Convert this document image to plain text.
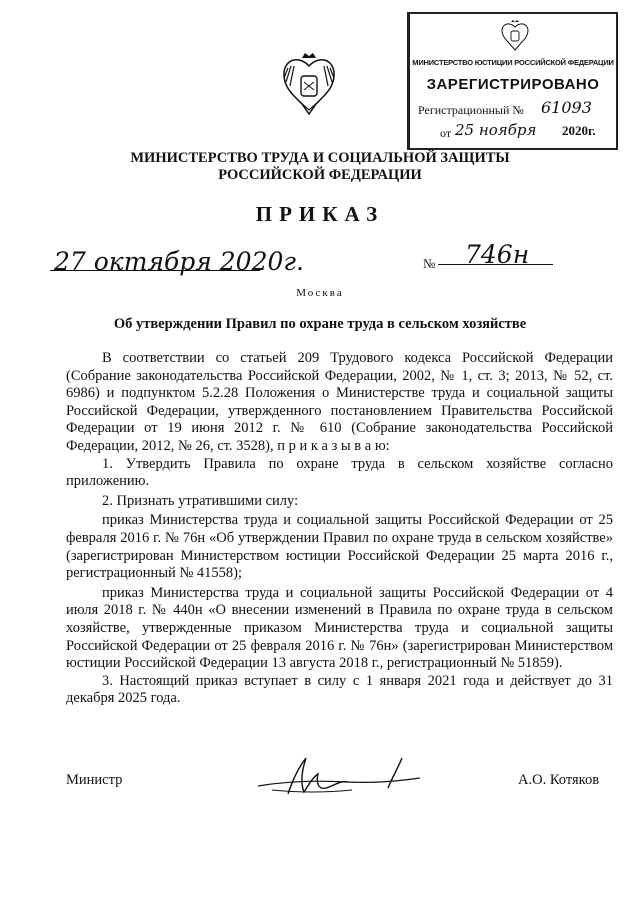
МИНИСТЕРСТВО ЮСТИЦИИ РОССИЙСКОЙ ФЕДЕРАЦИИ
ЗАРЕГИСТРИРОВАНО
Регистрационный № 61093
от 25 ноября 2020г.
МИНИСТЕРСТВО ТРУДА И СОЦИАЛЬНОЙ ЗАЩИТЫ
РОССИЙСКОЙ ФЕДЕРАЦИИ
ПРИКАЗ
27 октября 2020г.	№ 746н
Москва
Об утверждении Правил по охране труда в сельском хозяйстве

В соответствии со статьей 209 Трудового кодекса Российской Федерации (Собрание законодательства Российской Федерации, 2002, № 1, ст. 3; 2013, № 52, ст. 6986) и подпунктом 5.2.28 Положения о Министерстве труда и социальной защиты Российской Федерации, утвержденного постановлением Правительства Российской Федерации от 19 июня 2012 г. № 610 (Собрание законодательства Российской Федерации, 2012, № 26, ст. 3528), п р и к а з ы в а ю:

1. Утвердить Правила по охране труда в сельском хозяйстве согласно приложению.

2. Признать утратившими силу:

приказ Министерства труда и социальной защиты Российской Федерации от 25 февраля 2016 г. № 76н «Об утверждении Правил по охране труда в сельском хозяйстве» (зарегистрирован Министерством юстиции Российской Федерации 25 марта 2016 г., регистрационный № 41558);

приказ Министерства труда и социальной защиты Российской Федерации от 4 июля 2018 г. № 440н «О внесении изменений в Правила по охране труда в сельском хозяйстве, утвержденные приказом Министерства труда и социальной защиты Российской Федерации от 25 февраля 2016 г. № 76н» (зарегистрирован Министерством юстиции Российской Федерации 13 августа 2018 г., регистрационный № 51859).

3. Настоящий приказ вступает в силу с 1 января 2021 года и действует до 31 декабря 2025 года.

Министр	А.О. Котяков
